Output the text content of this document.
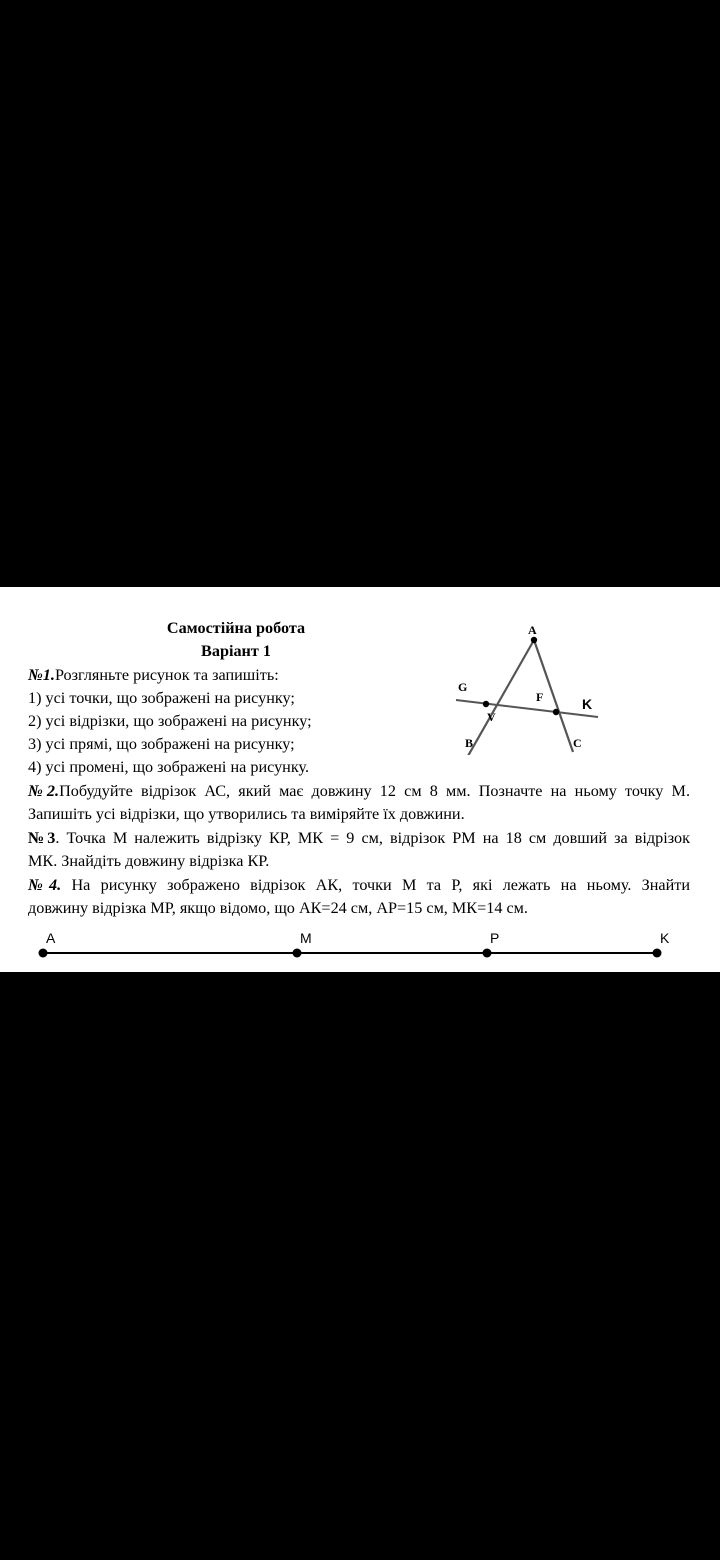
Самостійна робота
Варіант 1
№1.Розгляньте рисунок та запишіть:
1) усі точки, що зображені на рисунку;
2) усі відрізки, що зображені на рисунку;
3) усі прямі, що зображені на рисунку;
4) усі промені, що зображені на рисунку.
A
G
F	K
V
B	C
№2.Побудуйте відрізок АС, який має довжину 12 см 8 мм. Позначте на ньому точку М.
Запишіть усі відрізки, що утворились та виміряйте їх довжини.
№3. Точка М належить відрізку КР, МК = 9 см, відрізок РМ на 18 см довший за відрізок
МК. Знайдіть довжину відрізка КР.
№4. На рисунку зображено відрізок АК, точки М та Р, які лежать на ньому. Знайти
довжину відрізка МР, якщо відомо, що АК=24 см, АР=15 см, МК=14 см.
A	M	P	K
